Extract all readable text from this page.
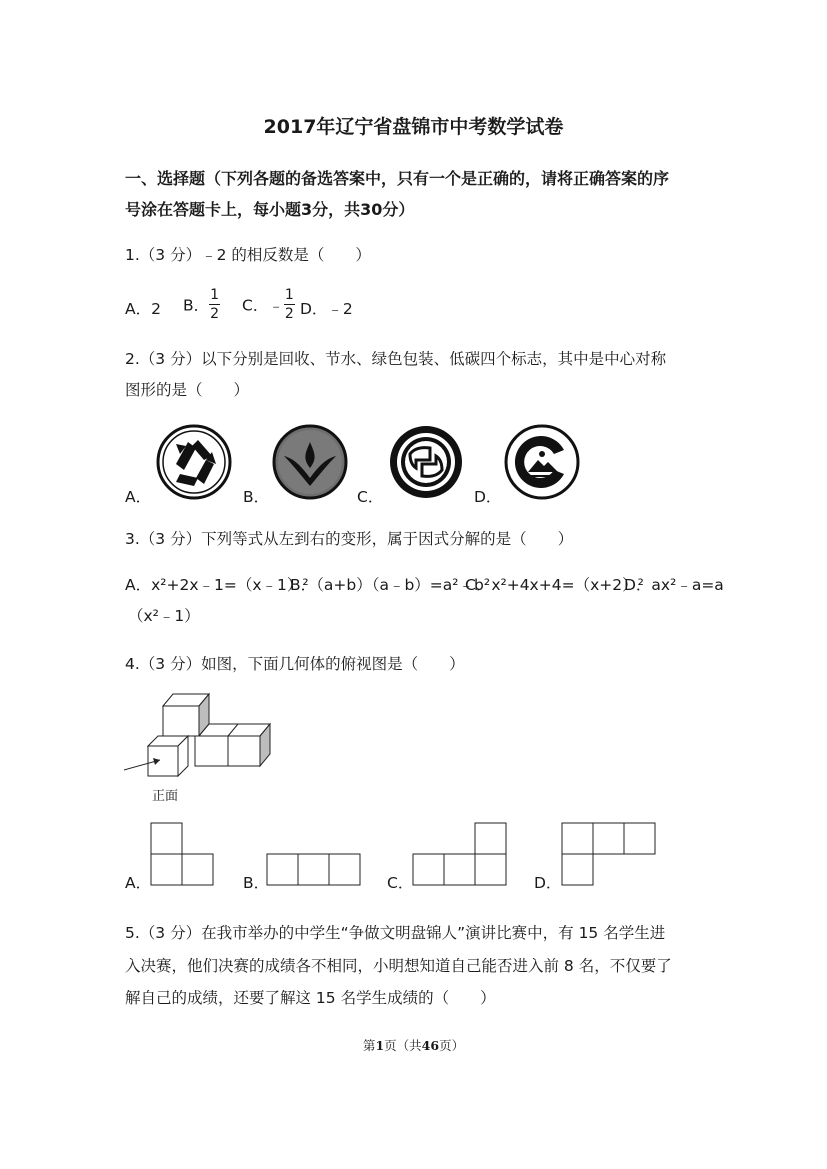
2017年辽宁省盘锦市中考数学试卷
一、选择题（下列各题的备选答案中，只有一个是正确的，请将正确答案的序
号涂在答题卡上，每小题3分，共30分）
1.（3 分）﹣2 的相反数是（　　）
A．2 B． $\frac{1}{2}$ C．﹣ $\frac{1}{2}$ D．﹣2
2.（3 分）以下分别是回收、节水、绿色包装、低碳四个标志，其中是中心对称
图形的是（　　）
A．	B．	C．	D．
3.（3 分）下列等式从左到右的变形，属于因式分解的是（　　）
A．x²+2x﹣1=（x﹣1）²
B．（a+b）（a﹣b）=a²﹣b²
C．x²+4x+4=（x+2）²
D．ax²﹣a=a
（x²﹣1）
4.（3 分）如图，下面几何体的俯视图是（　　）
正面
A．	B．	C．	D．
5.（3 分）在我市举办的中学生“争做文明盘锦人”演讲比赛中，有 15 名学生进
入决赛，他们决赛的成绩各不相同，小明想知道自己能否进入前 8 名，不仅要了
解自己的成绩，还要了解这 15 名学生成绩的（　　）
第1页（共46页）
